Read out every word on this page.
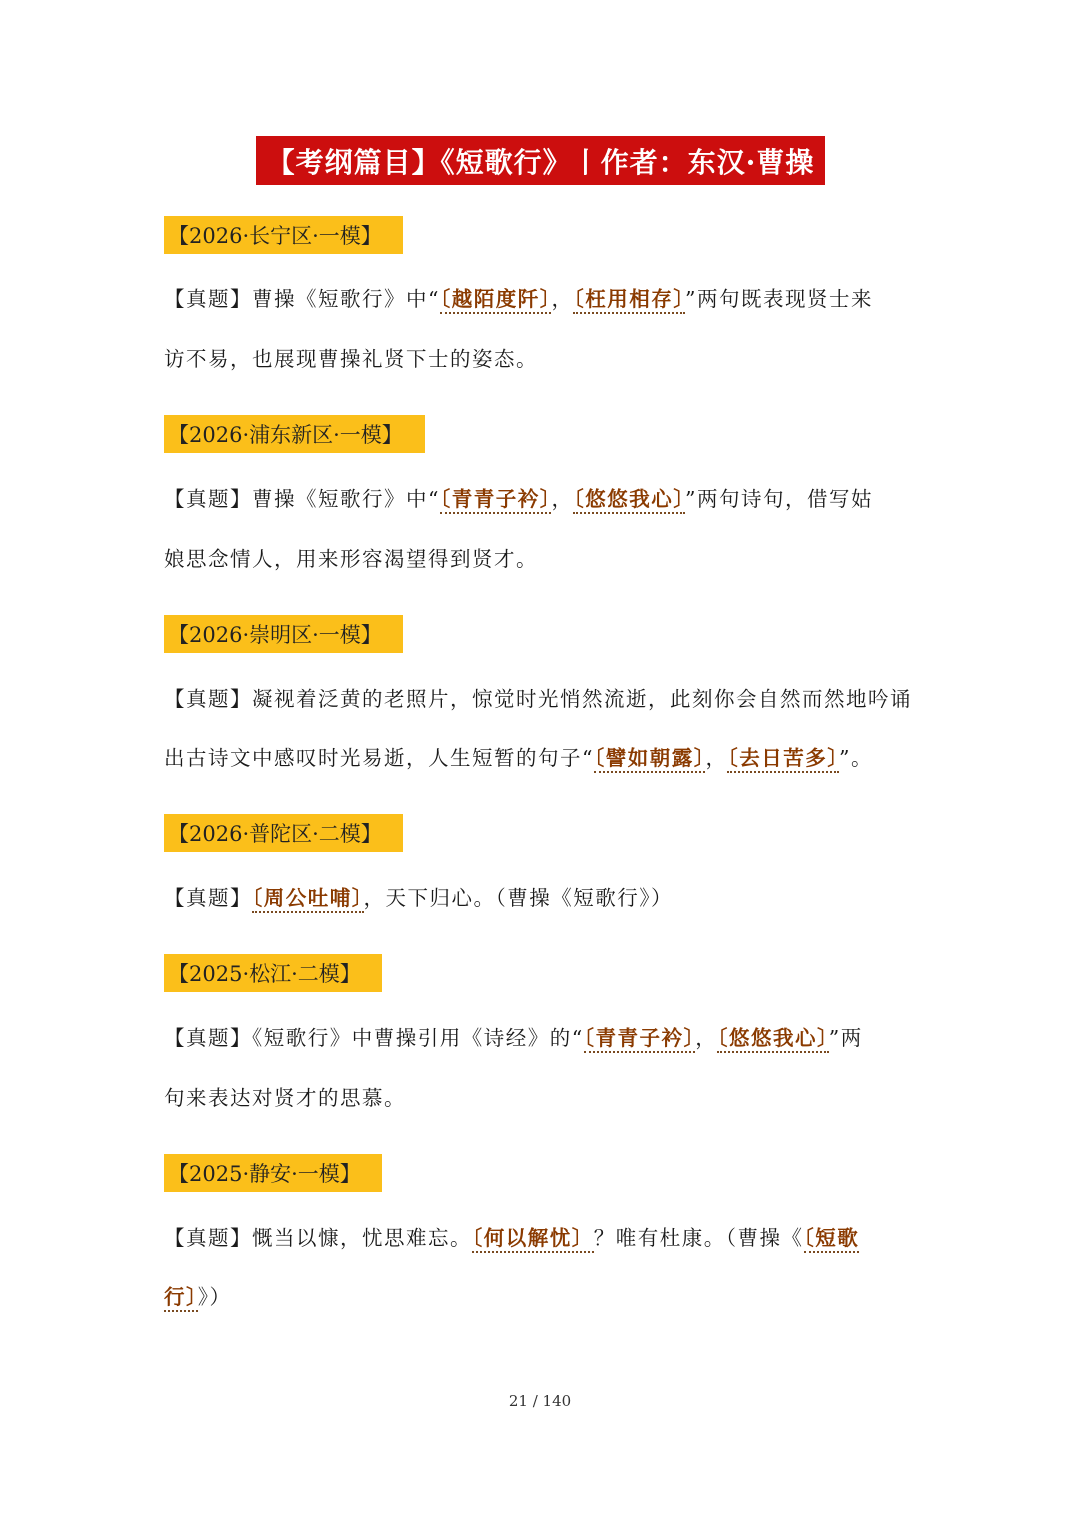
【考纲篇目】《短歌行》丨作者：东汉·曹操
【2026·长宁区·一模】
【真题】曹操《短歌行》中“〔越陌度阡〕，〔枉用相存〕”两句既表现贤士来
访不易，也展现曹操礼贤下士的姿态。
【2026·浦东新区·一模】
【真题】曹操《短歌行》中“〔青青子衿〕，〔悠悠我心〕”两句诗句，借写姑
娘思念情人，用来形容渴望得到贤才。
【2026·崇明区·一模】
【真题】凝视着泛黄的老照片，惊觉时光悄然流逝，此刻你会自然而然地吟诵
出古诗文中感叹时光易逝，人生短暂的句子“〔譬如朝露〕，〔去日苦多〕”。
【2026·普陀区·二模】
【真题】〔周公吐哺〕，天下归心。（曹操《短歌行》）
【2025·松江·二模】
【真题】《短歌行》中曹操引用《诗经》的“〔青青子衿〕，〔悠悠我心〕”两
句来表达对贤才的思慕。
【2025·静安·一模】
【真题】慨当以慷，忧思难忘。〔何以解忧〕？唯有杜康。（曹操《〔短歌
行〕》）
21 / 140
